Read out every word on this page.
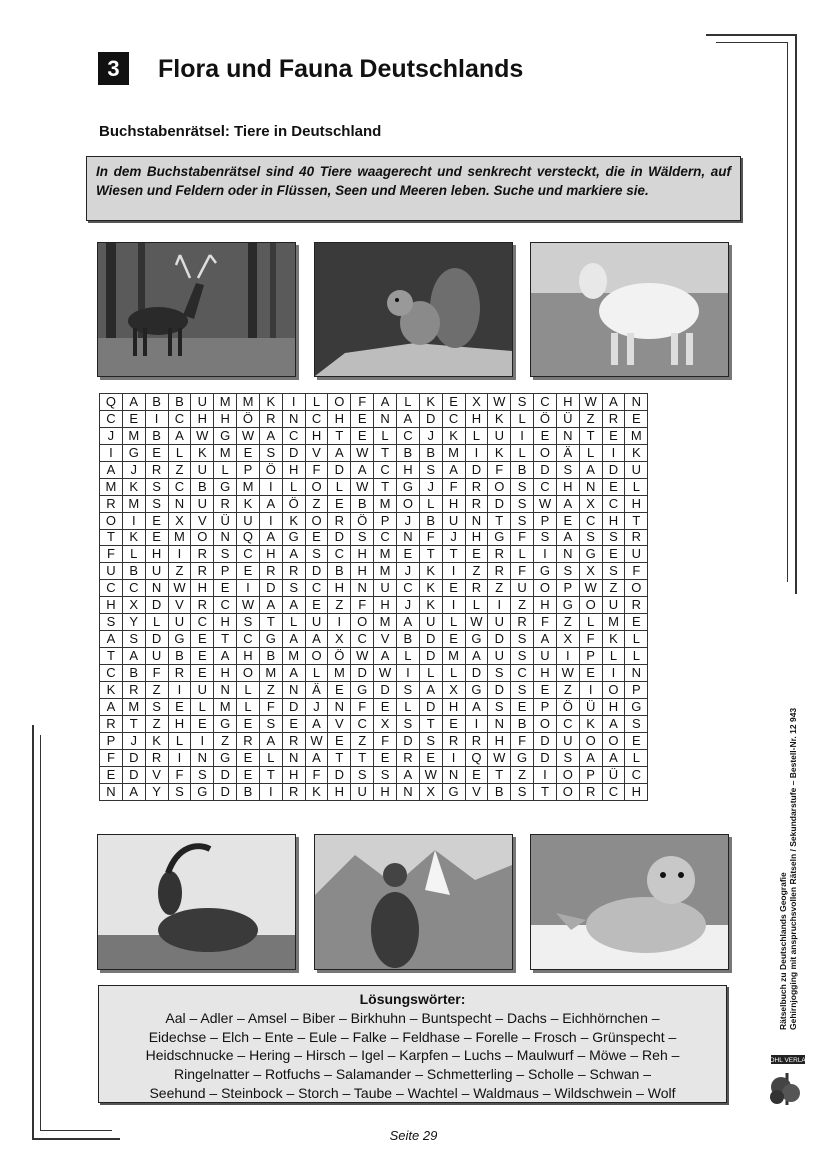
3	Flora und Fauna Deutschlands
Buchstabenrätsel: Tiere in Deutschland
In dem Buchstabenrätsel sind 40 Tiere waagerecht und senkrecht versteckt, die in Wäldern, auf Wiesen und Feldern oder in Flüssen, Seen und Meeren leben. Suche und markiere sie.
Q	A	B	B	U	M	M	K	I	L	O	F	A	L	K	E	X	W	S	C	H	W	A	N
C	E	I	C	H	H	Ö	R	N	C	H	E	N	A	D	C	H	K	L	Ö	Ü	Z	R	E
J	M	B	A	W	G	W	A	C	H	T	E	L	C	J	K	L	U	I	E	N	T	E	M
I	G	E	L	K	M	E	S	D	V	A	W	T	B	B	M	I	K	L	O	Ä	L	I	K
A	J	R	Z	U	L	P	Ö	H	F	D	A	C	H	S	A	D	F	B	D	S	A	D	U
M	K	S	C	B	G	M	I	L	O	L	W	T	G	J	F	R	O	S	C	H	N	E	L
R	M	S	N	U	R	K	A	Ö	Z	E	B	M	O	L	H	R	D	S	W	A	X	C	H
O	I	E	X	V	Ü	U	I	K	O	R	Ö	P	J	B	U	N	T	S	P	E	C	H	T
T	K	E	M	O	N	Q	A	G	E	D	S	C	N	F	J	H	G	F	S	A	S	S	R
F	L	H	I	R	S	C	H	A	S	C	H	M	E	T	T	E	R	L	I	N	G	E	U
U	B	U	Z	R	P	E	R	R	D	B	H	M	J	K	I	Z	R	F	G	S	X	S	F
C	C	N	W	H	E	I	D	S	C	H	N	U	C	K	E	R	Z	U	O	P	W	Z	O
H	X	D	V	R	C	W	A	A	E	Z	F	H	J	K	I	L	I	Z	H	G	O	U	R
S	Y	L	U	C	H	S	T	L	U	I	O	M	A	U	L	W	U	R	F	Z	L	M	E
A	S	D	G	E	T	C	G	A	A	X	C	V	B	D	E	G	D	S	A	X	F	K	L
T	A	U	B	E	A	H	B	M	O	Ö	W	A	L	D	M	A	U	S	U	I	P	L	L
C	B	F	R	E	H	O	M	A	L	M	D	W	I	L	L	D	S	C	H	W	E	I	N
K	R	Z	I	U	N	L	Z	N	Ä	E	G	D	S	A	X	G	D	S	E	Z	I	O	P
A	M	S	E	L	M	L	F	D	J	N	F	E	L	D	H	A	S	E	P	Ö	Ü	H	G
R	T	Z	H	E	G	E	S	E	A	V	C	X	S	T	E	I	N	B	O	C	K	A	S
P	J	K	L	I	Z	R	A	R	W	E	Z	F	D	S	R	R	H	F	D	U	O	O	E
F	D	R	I	N	G	E	L	N	A	T	T	E	R	E	I	Q	W	G	D	S	A	A	L
E	D	V	F	S	D	E	T	H	F	D	S	S	A	W	N	E	T	Z	I	O	P	Ü	C
N	A	Y	S	G	D	B	I	R	K	H	U	H	N	X	G	V	B	S	T	O	R	C	H
Lösungswörter:
Aal – Adler – Amsel – Biber – Birkhuhn – Buntspecht – Dachs – Eichhörnchen –
Eidechse – Elch – Ente – Eule – Falke – Feldhase – Forelle – Frosch – Grünspecht –
Heidschnucke – Hering – Hirsch – Igel – Karpfen – Luchs – Maulwurf – Möwe – Reh –
Ringelnatter – Rotfuchs – Salamander – Schmetterling – Scholle – Schwan –
Seehund – Steinbock – Storch – Taube – Wachtel – Waldmaus – Wildschwein – Wolf
Rätselbuch zu Deutschlands Geografie Gehirnjogging mit anspruchsvollen Rätseln / Sekundarstufe – Bestell-Nr. 12 943
KOHL VERLAG
Seite 29
